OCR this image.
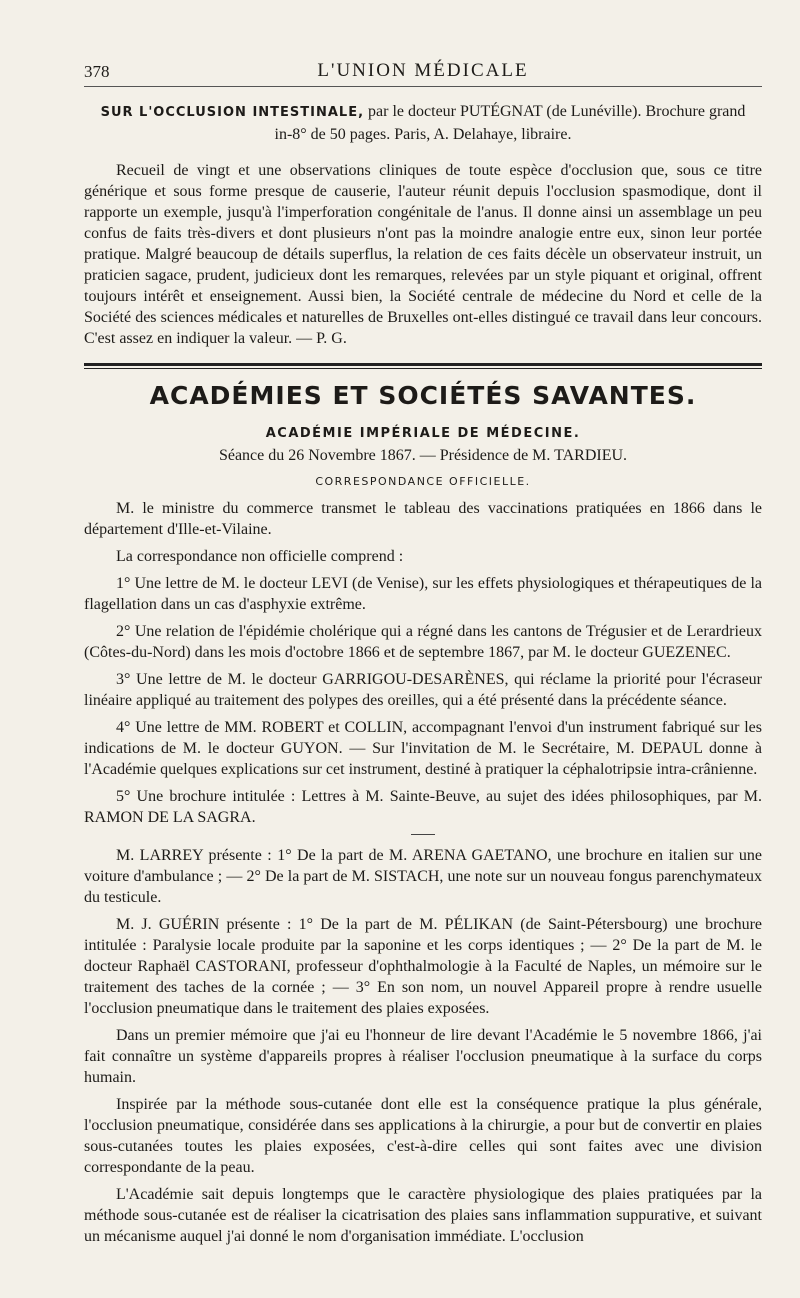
378	L'UNION MÉDICALE
SUR L'OCCLUSION INTESTINALE, par le docteur PUTÉGNAT (de Lunéville). Brochure grand in-8° de 50 pages. Paris, A. Delahaye, libraire.

Recueil de vingt et une observations cliniques de toute espèce d'occlusion que, sous ce titre générique et sous forme presque de causerie, l'auteur réunit depuis l'occlusion spasmodique, dont il rapporte un exemple, jusqu'à l'imperforation congénitale de l'anus. Il donne ainsi un assemblage un peu confus de faits très-divers et dont plusieurs n'ont pas la moindre analogie entre eux, sinon leur portée pratique. Malgré beaucoup de détails superflus, la relation de ces faits décèle un observateur instruit, un praticien sagace, prudent, judicieux dont les remarques, relevées par un style piquant et original, offrent toujours intérêt et enseignement. Aussi bien, la Société centrale de médecine du Nord et celle de la Société des sciences médicales et naturelles de Bruxelles ont-elles distingué ce travail dans leur concours. C'est assez en indiquer la valeur. — P. G.

ACADÉMIES ET SOCIÉTÉS SAVANTES.
ACADÉMIE IMPÉRIALE DE MÉDECINE.
Séance du 26 Novembre 1867. — Présidence de M. TARDIEU.
CORRESPONDANCE OFFICIELLE.

M. le ministre du commerce transmet le tableau des vaccinations pratiquées en 1866 dans le département d'Ille-et-Vilaine.

La correspondance non officielle comprend :

1° Une lettre de M. le docteur LEVI (de Venise), sur les effets physiologiques et thérapeutiques de la flagellation dans un cas d'asphyxie extrême.

2° Une relation de l'épidémie cholérique qui a régné dans les cantons de Trégusier et de Lerardrieux (Côtes-du-Nord) dans les mois d'octobre 1866 et de septembre 1867, par M. le docteur GUEZENEC.

3° Une lettre de M. le docteur GARRIGOU-DESARÈNES, qui réclame la priorité pour l'écraseur linéaire appliqué au traitement des polypes des oreilles, qui a été présenté dans la précédente séance.

4° Une lettre de MM. ROBERT et COLLIN, accompagnant l'envoi d'un instrument fabriqué sur les indications de M. le docteur GUYON. — Sur l'invitation de M. le Secrétaire, M. DEPAUL donne à l'Académie quelques explications sur cet instrument, destiné à pratiquer la céphalotripsie intra-crânienne.

5° Une brochure intitulée : Lettres à M. Sainte-Beuve, au sujet des idées philosophiques, par M. RAMON DE LA SAGRA.

M. LARREY présente : 1° De la part de M. ARENA GAETANO, une brochure en italien sur une voiture d'ambulance ; — 2° De la part de M. SISTACH, une note sur un nouveau fongus parenchymateux du testicule.

M. J. GUÉRIN présente : 1° De la part de M. PÉLIKAN (de Saint-Pétersbourg) une brochure intitulée : Paralysie locale produite par la saponine et les corps identiques ; — 2° De la part de M. le docteur Raphaël CASTORANI, professeur d'ophthalmologie à la Faculté de Naples, un mémoire sur le traitement des taches de la cornée ; — 3° En son nom, un nouvel Appareil propre à rendre usuelle l'occlusion pneumatique dans le traitement des plaies exposées.

Dans un premier mémoire que j'ai eu l'honneur de lire devant l'Académie le 5 novembre 1866, j'ai fait connaître un système d'appareils propres à réaliser l'occlusion pneumatique à la surface du corps humain.

Inspirée par la méthode sous-cutanée dont elle est la conséquence pratique la plus générale, l'occlusion pneumatique, considérée dans ses applications à la chirurgie, a pour but de convertir en plaies sous-cutanées toutes les plaies exposées, c'est-à-dire celles qui sont faites avec une division correspondante de la peau.

L'Académie sait depuis longtemps que le caractère physiologique des plaies pratiquées par la méthode sous-cutanée est de réaliser la cicatrisation des plaies sans inflammation suppurative, et suivant un mécanisme auquel j'ai donné le nom d'organisation immédiate. L'occlusion
